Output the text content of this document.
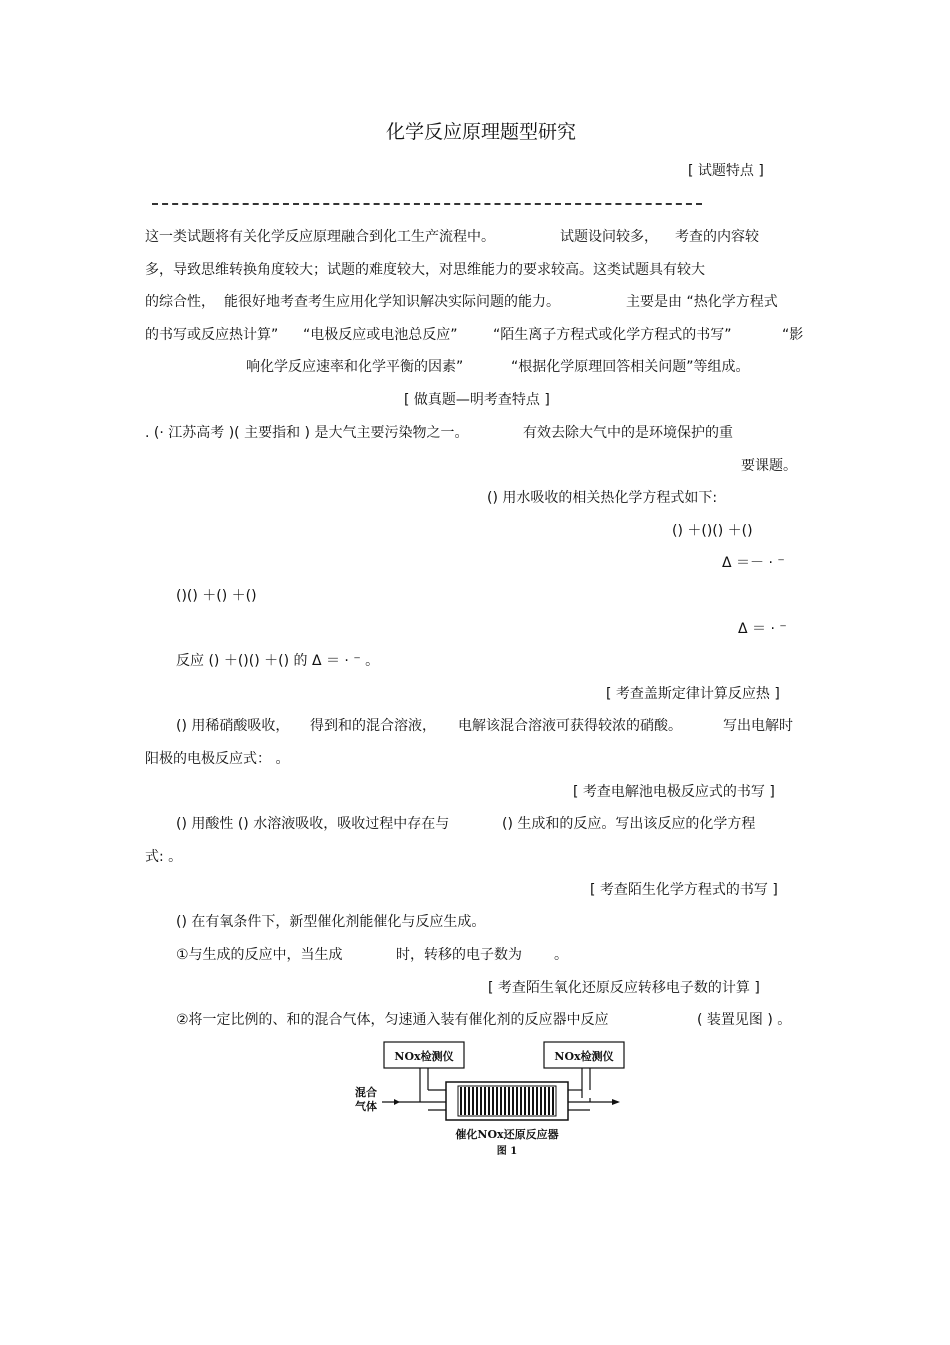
化学反应原理题型研究
[ 试题特点 ]
这一类试题将有关化学反应原理融合到化工生产流程中。	试题设问较多， 考查的内容较
多，导致思维转换角度较大；试题的难度较大，对思维能力的要求较高。这类试题具有较大
的综合性， 能很好地考查考生应用化学知识解决实际问题的能力。	主要是由 “热化学方程式
的书写或反应热计算” “电极反应或电池总反应”	“陌生离子方程式或化学方程式的书写”	“影
响化学反应速率和化学平衡的因素”	“根据化学原理回答相关问题”等组成。
[ 做真题—明考查特点 ]
. (· 江苏高考 )( 主要指和 ) 是大气主要污染物之一。	有效去除大气中的是环境保护的重
要课题。
() 用水吸收的相关热化学方程式如下:
() ＋()() ＋()
Δ ＝－ · ⁻
()() ＋() ＋()
Δ ＝ · ⁻
反应 () ＋()() ＋() 的 Δ ＝ · ⁻ 。
[ 考查盖斯定律计算反应热 ]
() 用稀硝酸吸收， 得到和的混合溶液， 电解该混合溶液可获得较浓的硝酸。	写出电解时
阳极的电极反应式： 。
[ 考查电解池电极反应式的书写 ]
() 用酸性 () 水溶液吸收，吸收过程中存在与	() 生成和的反应。写出该反应的化学方程
式: 。
[ 考查陌生化学方程式的书写 ]
() 在有氧条件下，新型催化剂能催化与反应生成。
①与生成的反应中，当生成	时，转移的电子数为 。
[ 考查陌生氧化还原反应转移电子数的计算 ]
②将一定比例的、和的混合气体，匀速通入装有催化剂的反应器中反应	( 装置见图 ) 。
NOx检测仪	NOx检测仪
混合
气体
催化NOx还原反应器
图 1
